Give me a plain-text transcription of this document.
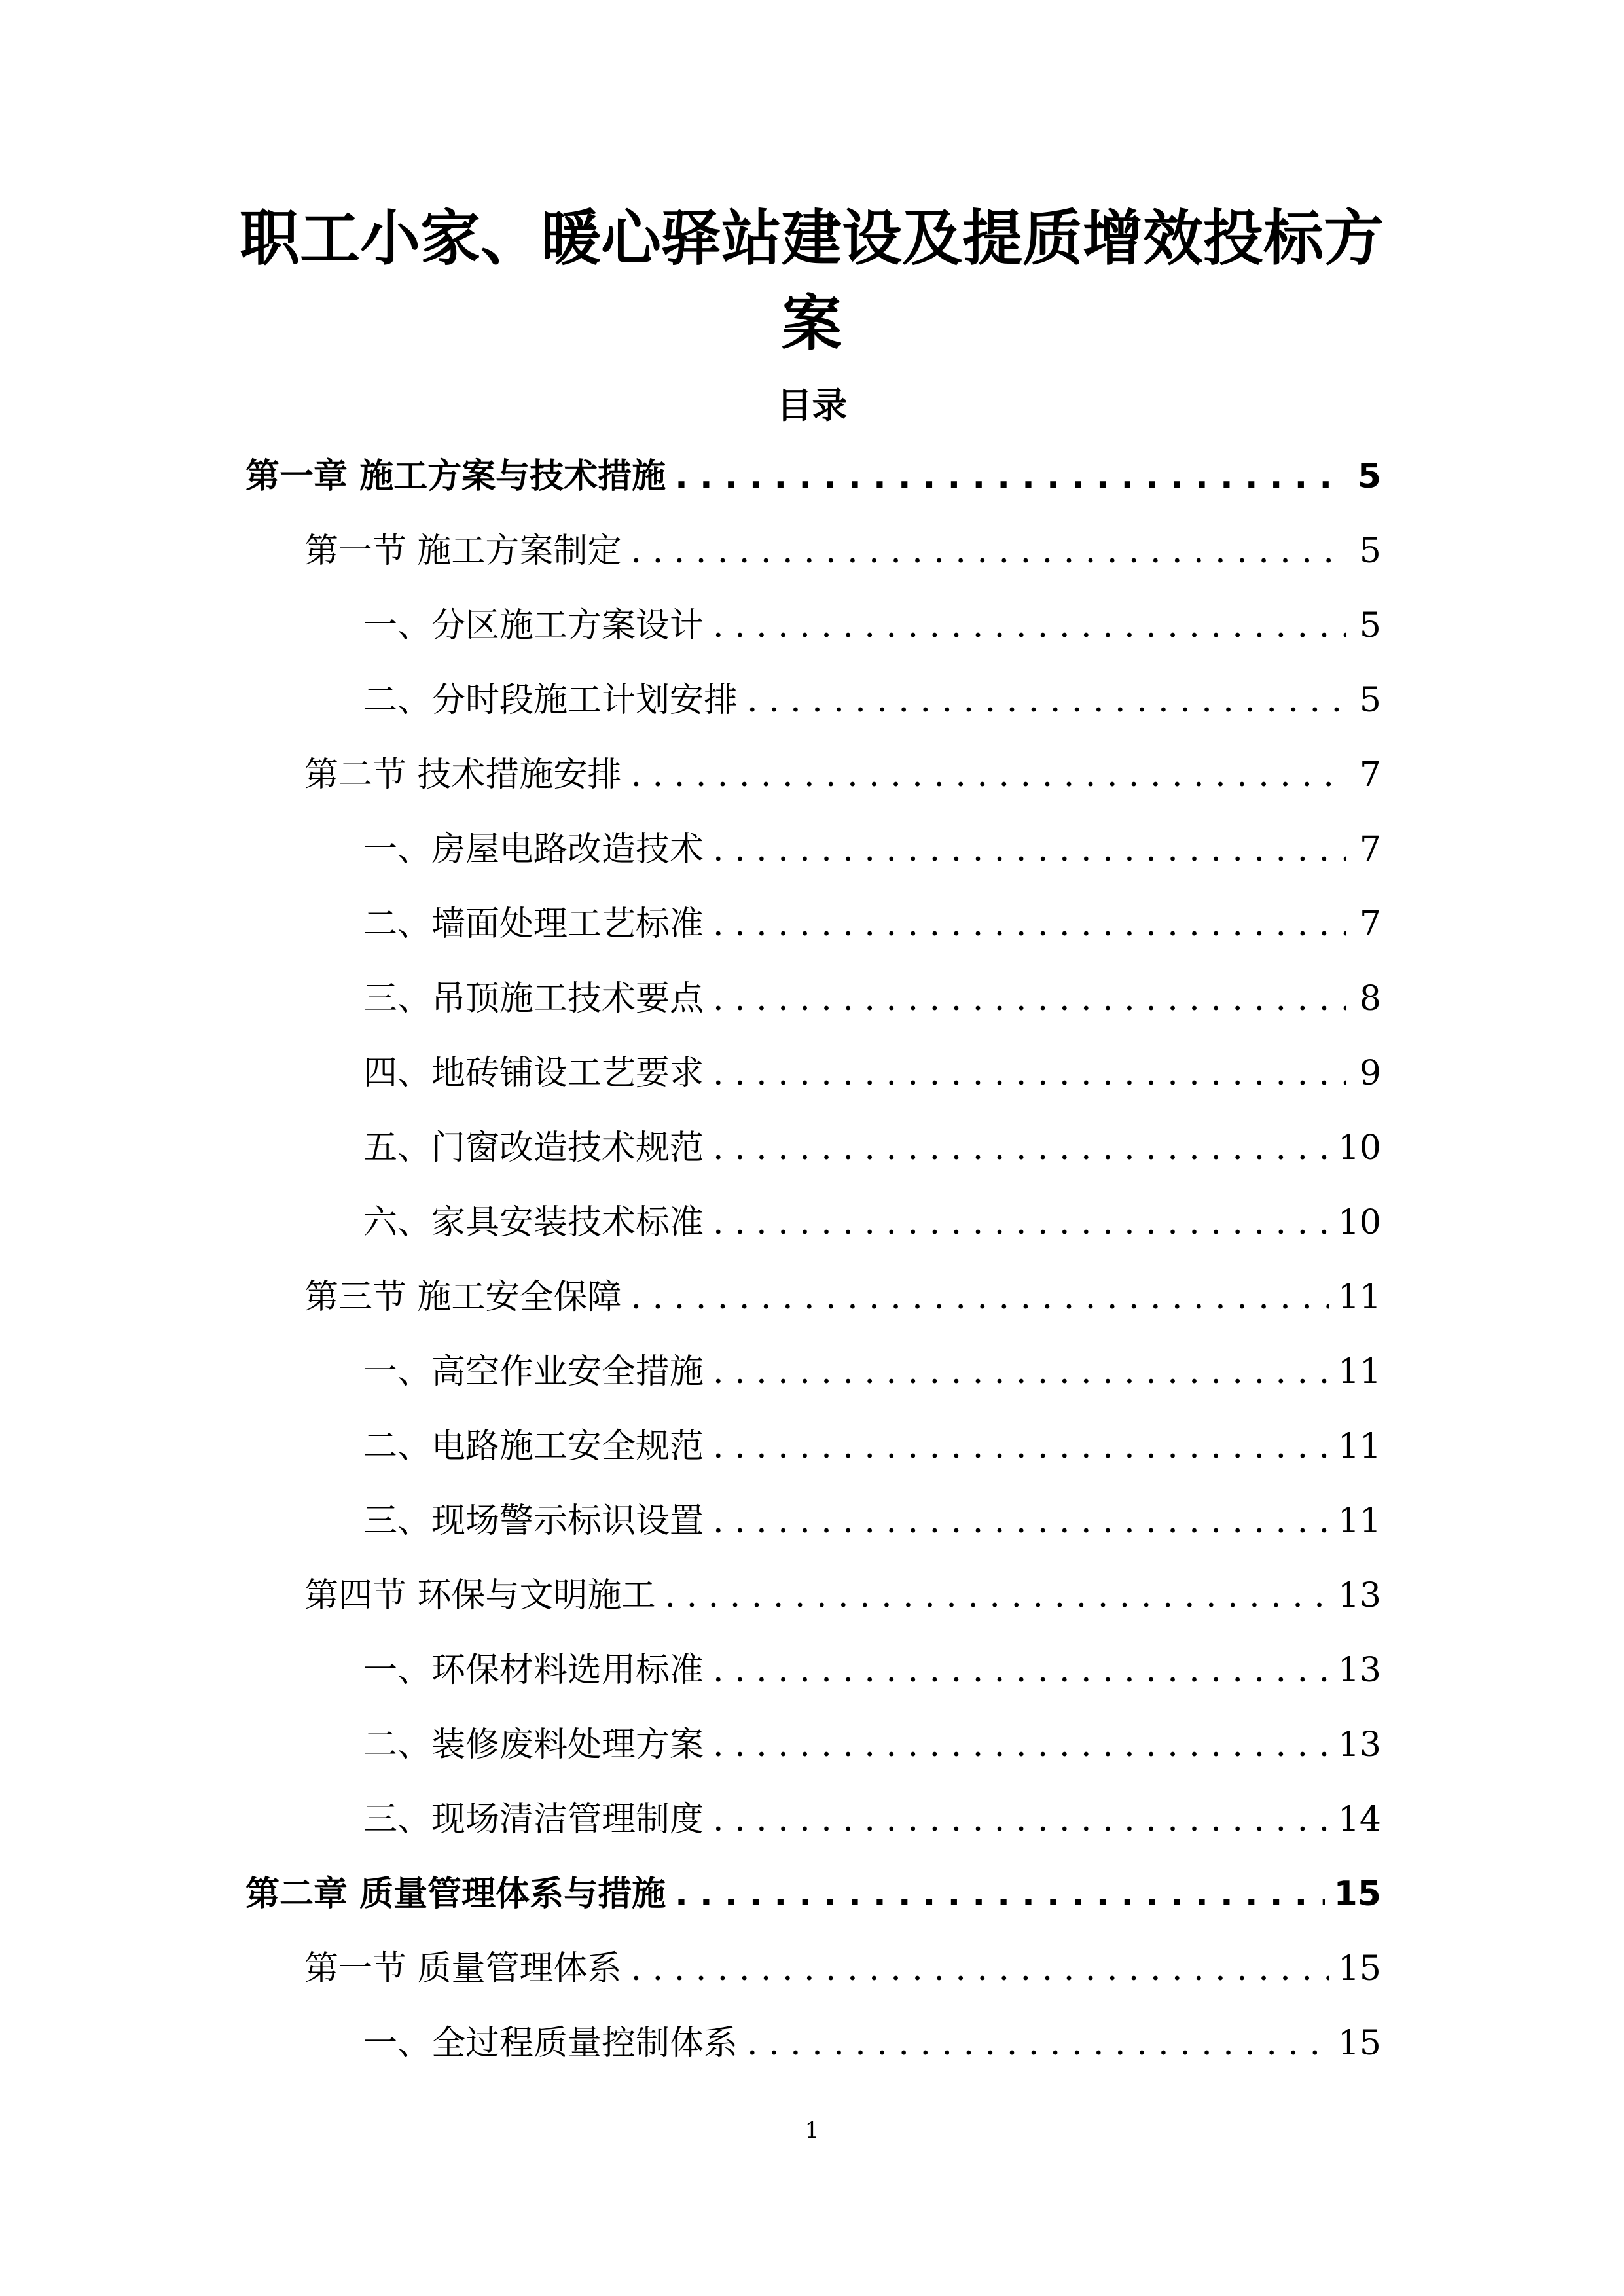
职工小家、暖心驿站建设及提质增效投标方案
目录
第一章 施工方案与技术措施 . . .	5
第一节 施工方案制定 . . .	5
一、分区施工方案设计 . . .	5
二、分时段施工计划安排 . . .	5
第二节 技术措施安排 . . .	7
一、房屋电路改造技术 . . .	7
二、墙面处理工艺标准 . . .	7
三、吊顶施工技术要点 . . .	8
四、地砖铺设工艺要求 . . .	9
五、门窗改造技术规范 . . .	10
六、家具安装技术标准 . . .	10
第三节 施工安全保障 . . .	11
一、高空作业安全措施 . . .	11
二、电路施工安全规范 . . .	11
三、现场警示标识设置 . . .	11
第四节 环保与文明施工 . . .	13
一、环保材料选用标准 . . .	13
二、装修废料处理方案 . . .	13
三、现场清洁管理制度 . . .	14
第二章 质量管理体系与措施 . . .	15
第一节 质量管理体系 . . .	15
一、全过程质量控制体系 . . .	15
1
